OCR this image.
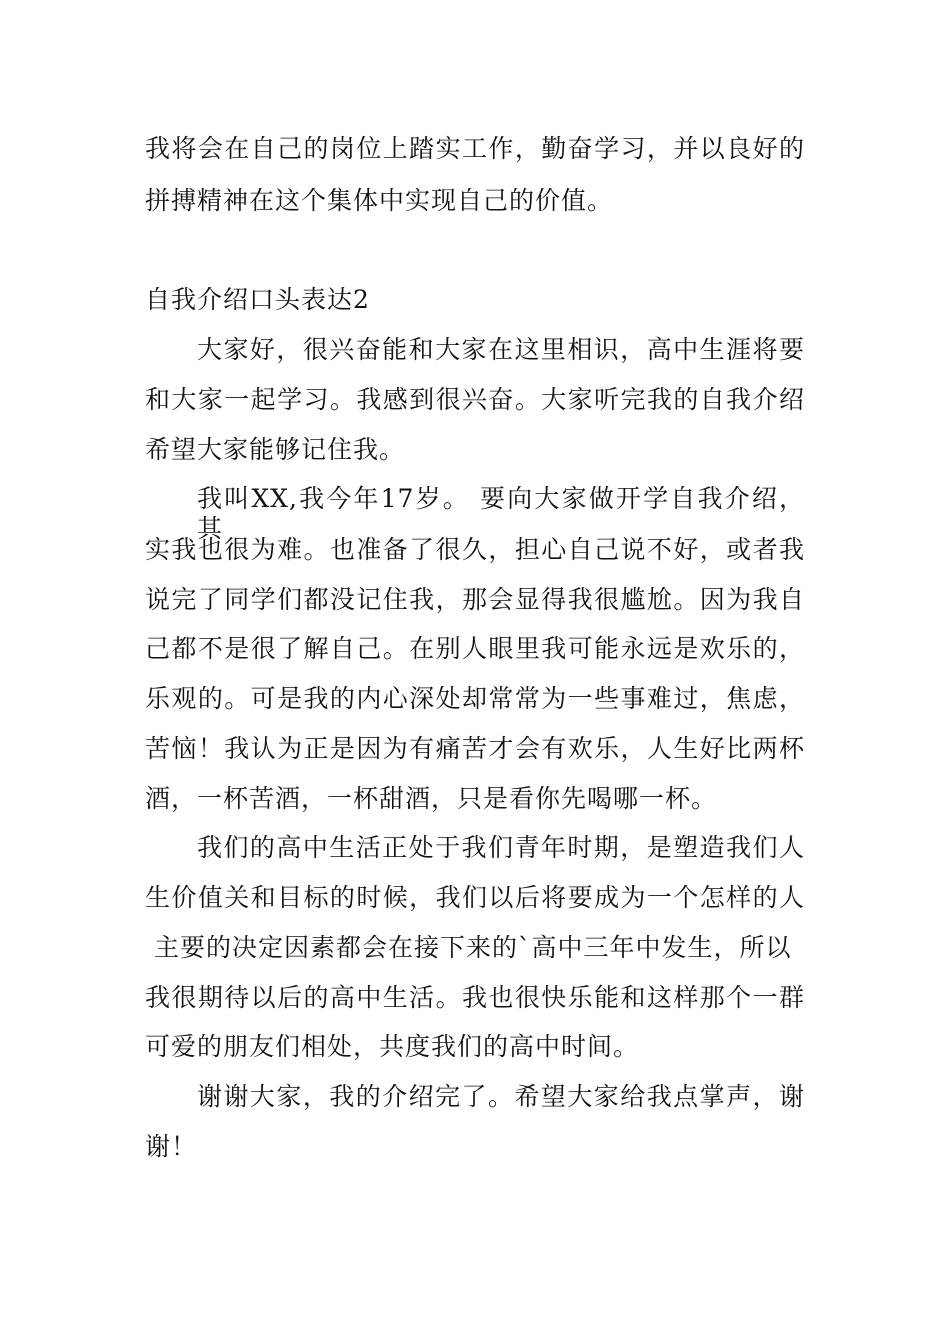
我将会在自己的岗位上踏实工作，勤奋学习，并以良好的
拼搏精神在这个集体中实现自己的价值。
自我介绍口头表达2
大家好，很兴奋能和大家在这里相识，高中生涯将要
和大家一起学习。我感到很兴奋。大家听完我的自我介绍
希望大家能够记住我。
我叫XX,我今年17岁。 要向大家做开学自我介绍，其
实我也很为难。也准备了很久，担心自己说不好，或者我
说完了同学们都没记住我，那会显得我很尴尬。因为我自
己都不是很了解自己。在别人眼里我可能永远是欢乐的，
乐观的。可是我的内心深处却常常为一些事难过，焦虑，
苦恼！我认为正是因为有痛苦才会有欢乐，人生好比两杯
酒，一杯苦酒，一杯甜酒，只是看你先喝哪一杯。
我们的高中生活正处于我们青年时期，是塑造我们人
生价值关和目标的时候，我们以后将要成为一个怎样的人
主要的决定因素都会在接下来的`高中三年中发生，所以
我很期待以后的高中生活。我也很快乐能和这样那个一群
可爱的朋友们相处，共度我们的高中时间。
谢谢大家，我的介绍完了。希望大家给我点掌声，谢
谢！
